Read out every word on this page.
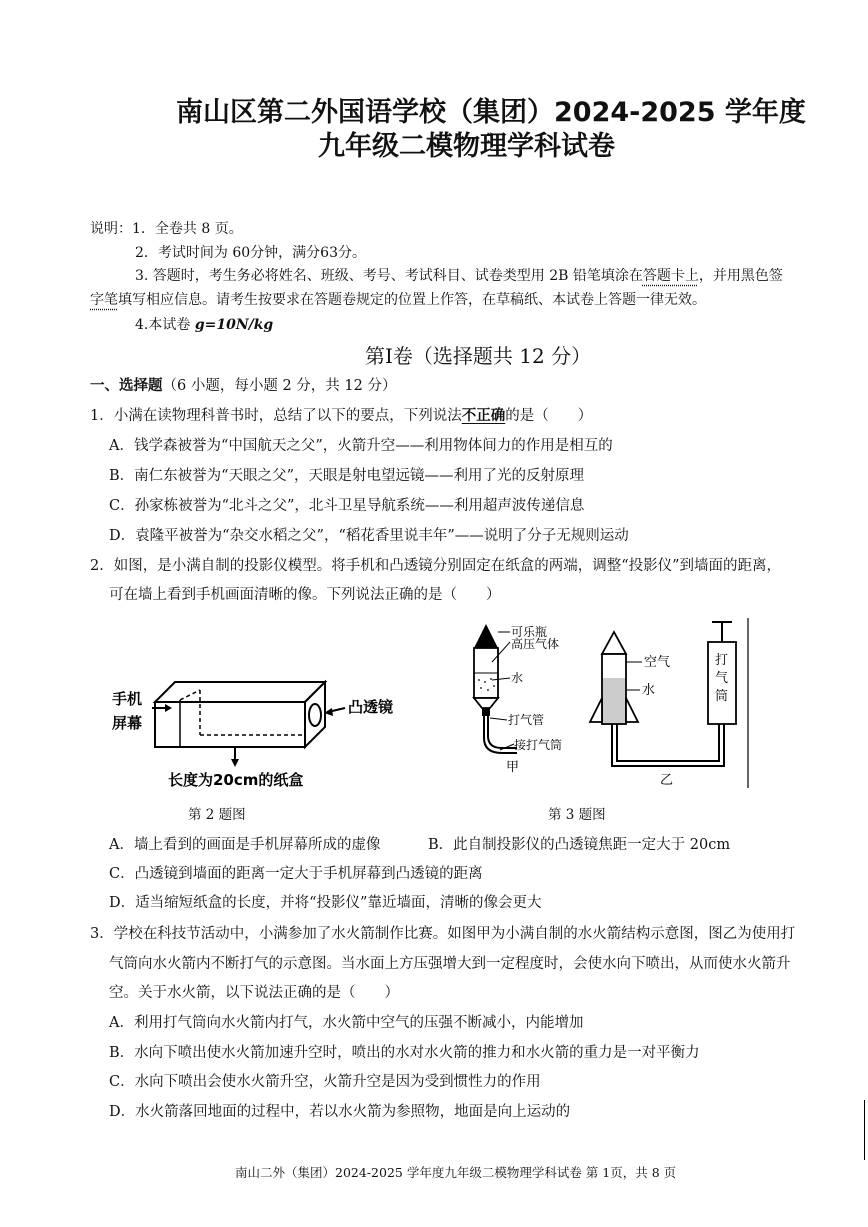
南山区第二外国语学校（集团）2024-2025 学年度
九年级二模物理学科试卷
说明：1．全卷共 8 页。
2．考试时间为 60分钟，满分63分。
3. 答题时，考生务必将姓名、班级、考号、考试科目、试卷类型用 2B 铅笔填涂在答题卡上，并用黑色签
字笔填写相应信息。请考生按要求在答题卷规定的位置上作答，在草稿纸、本试卷上答题一律无效。
4.本试卷 g=10N/kg
第Ⅰ卷（选择题共 12 分）
一、选择题（6 小题，每小题 2 分，共 12 分）
1．小满在读物理科普书时，总结了以下的要点，下列说法不正确的是（　　）
A．钱学森被誉为“中国航天之父”，火箭升空——利用物体间力的作用是相互的
B．南仁东被誉为“天眼之父”，天眼是射电望远镜——利用了光的反射原理
C．孙家栋被誉为“北斗之父”，北斗卫星导航系统——利用超声波传递信息
D．袁隆平被誉为“杂交水稻之父”，“稻花香里说丰年”——说明了分子无规则运动
2．如图，是小满自制的投影仪模型。将手机和凸透镜分别固定在纸盒的两端，调整“投影仪”到墙面的距离，
可在墙上看到手机画面清晰的像。下列说法正确的是（　　）
手机
屏幕
凸透镜
长度为20cm的纸盒
第 2 题图
可乐瓶
高压气体
水
打气管
接打气筒
甲
空气
水
打
气
筒
乙
第 3 题图
A．墙上看到的画面是手机屏幕所成的虚像	B．此自制投影仪的凸透镜焦距一定大于 20cm
C．凸透镜到墙面的距离一定大于手机屏幕到凸透镜的距离
D．适当缩短纸盒的长度，并将“投影仪”靠近墙面，清晰的像会更大
3．学校在科技节活动中，小满参加了水火箭制作比赛。如图甲为小满自制的水火箭结构示意图，图乙为使用打
气筒向水火箭内不断打气的示意图。当水面上方压强增大到一定程度时，会使水向下喷出，从而使水火箭升
空。关于水火箭，以下说法正确的是（　　）
A．利用打气筒向水火箭内打气，水火箭中空气的压强不断减小，内能增加
B．水向下喷出使水火箭加速升空时，喷出的水对水火箭的推力和水火箭的重力是一对平衡力
C．水向下喷出会使水火箭升空，火箭升空是因为受到惯性力的作用
D．水火箭落回地面的过程中，若以水火箭为参照物，地面是向上运动的
南山二外（集团）2024-2025 学年度九年级二模物理学科试卷 第 1页，共 8 页
